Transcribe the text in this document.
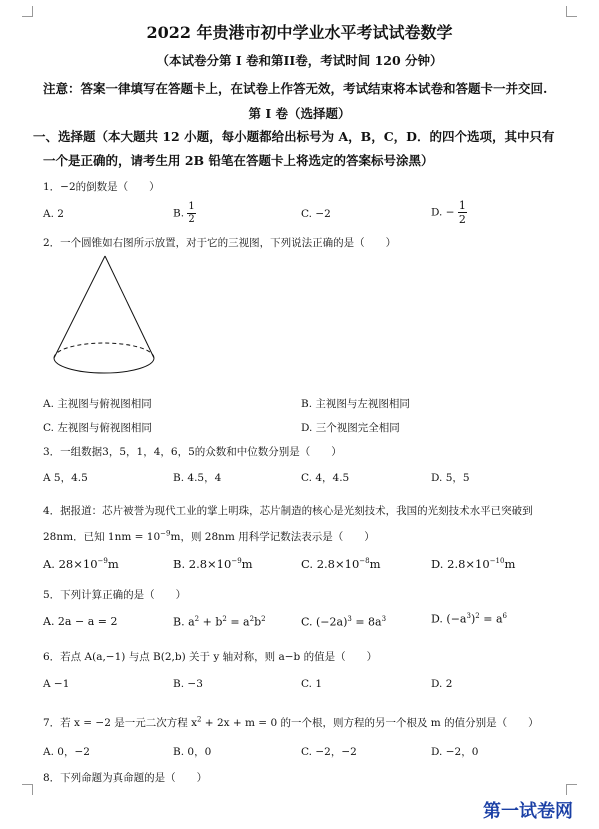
2022 年贵港市初中学业水平考试试卷数学
（本试卷分第 I 卷和第II卷，考试时间 120 分钟）
注意：答案一律填写在答题卡上，在试卷上作答无效，考试结束将本试卷和答题卡一并交回.
第 I 卷（选择题）
一、选择题（本大题共 12 小题，每小题都给出标号为 A，B，C，D．的四个选项，其中只有
一个是正确的，请考生用 2B 铅笔在答题卡上将选定的答案标号涂黑）
1．−2的倒数是（　　）
A. 2	B. $\frac{1}{2}$	C. −2	D. − $\frac{1}{2}$
2．一个圆锥如右图所示放置，对于它的三视图，下列说法正确的是（　　）
A. 主视图与俯视图相同	B. 主视图与左视图相同
C. 左视图与俯视图相同	D. 三个视图完全相同
3．一组数据3，5，1，4，6，5的众数和中位数分别是（　　）
A 5，4.5	B. 4.5，4	C. 4，4.5	D. 5，5
4．据报道：芯片被誉为现代工业的掌上明珠，芯片制造的核心是光刻技术，我国的光刻技术水平已突破到
28nm．已知 $1nm = 10^{-9}m$，则 28nm 用科学记数法表示是（　　）
A. $28\times 10^{-9}m$	B. $2.8\times 10^{-9}m$	C. $2.8\times 10^{-8}m$	D. $2.8\times 10^{-10}m$
5．下列计算正确的是（　　）
A. 2a − a = 2	B. $a^2 + b^2 = a^2b^2$	C. $(-2a)^3 = 8a^3$	D. $(-a^3)^2 = a^6$
6．若点 A(a,−1) 与点 B(2,b) 关于 y 轴对称，则 a−b 的值是（　　）
A −1	B. −3	C. 1	D. 2
7．若 x = −2 是一元二次方程 $x^2 + 2x + m = 0$ 的一个根，则方程的另一个根及 m 的值分别是（　　）
A. 0，−2	B. 0，0	C. −2，−2	D. −2，0
8．下列命题为真命题的是（　　）
第一试卷网
